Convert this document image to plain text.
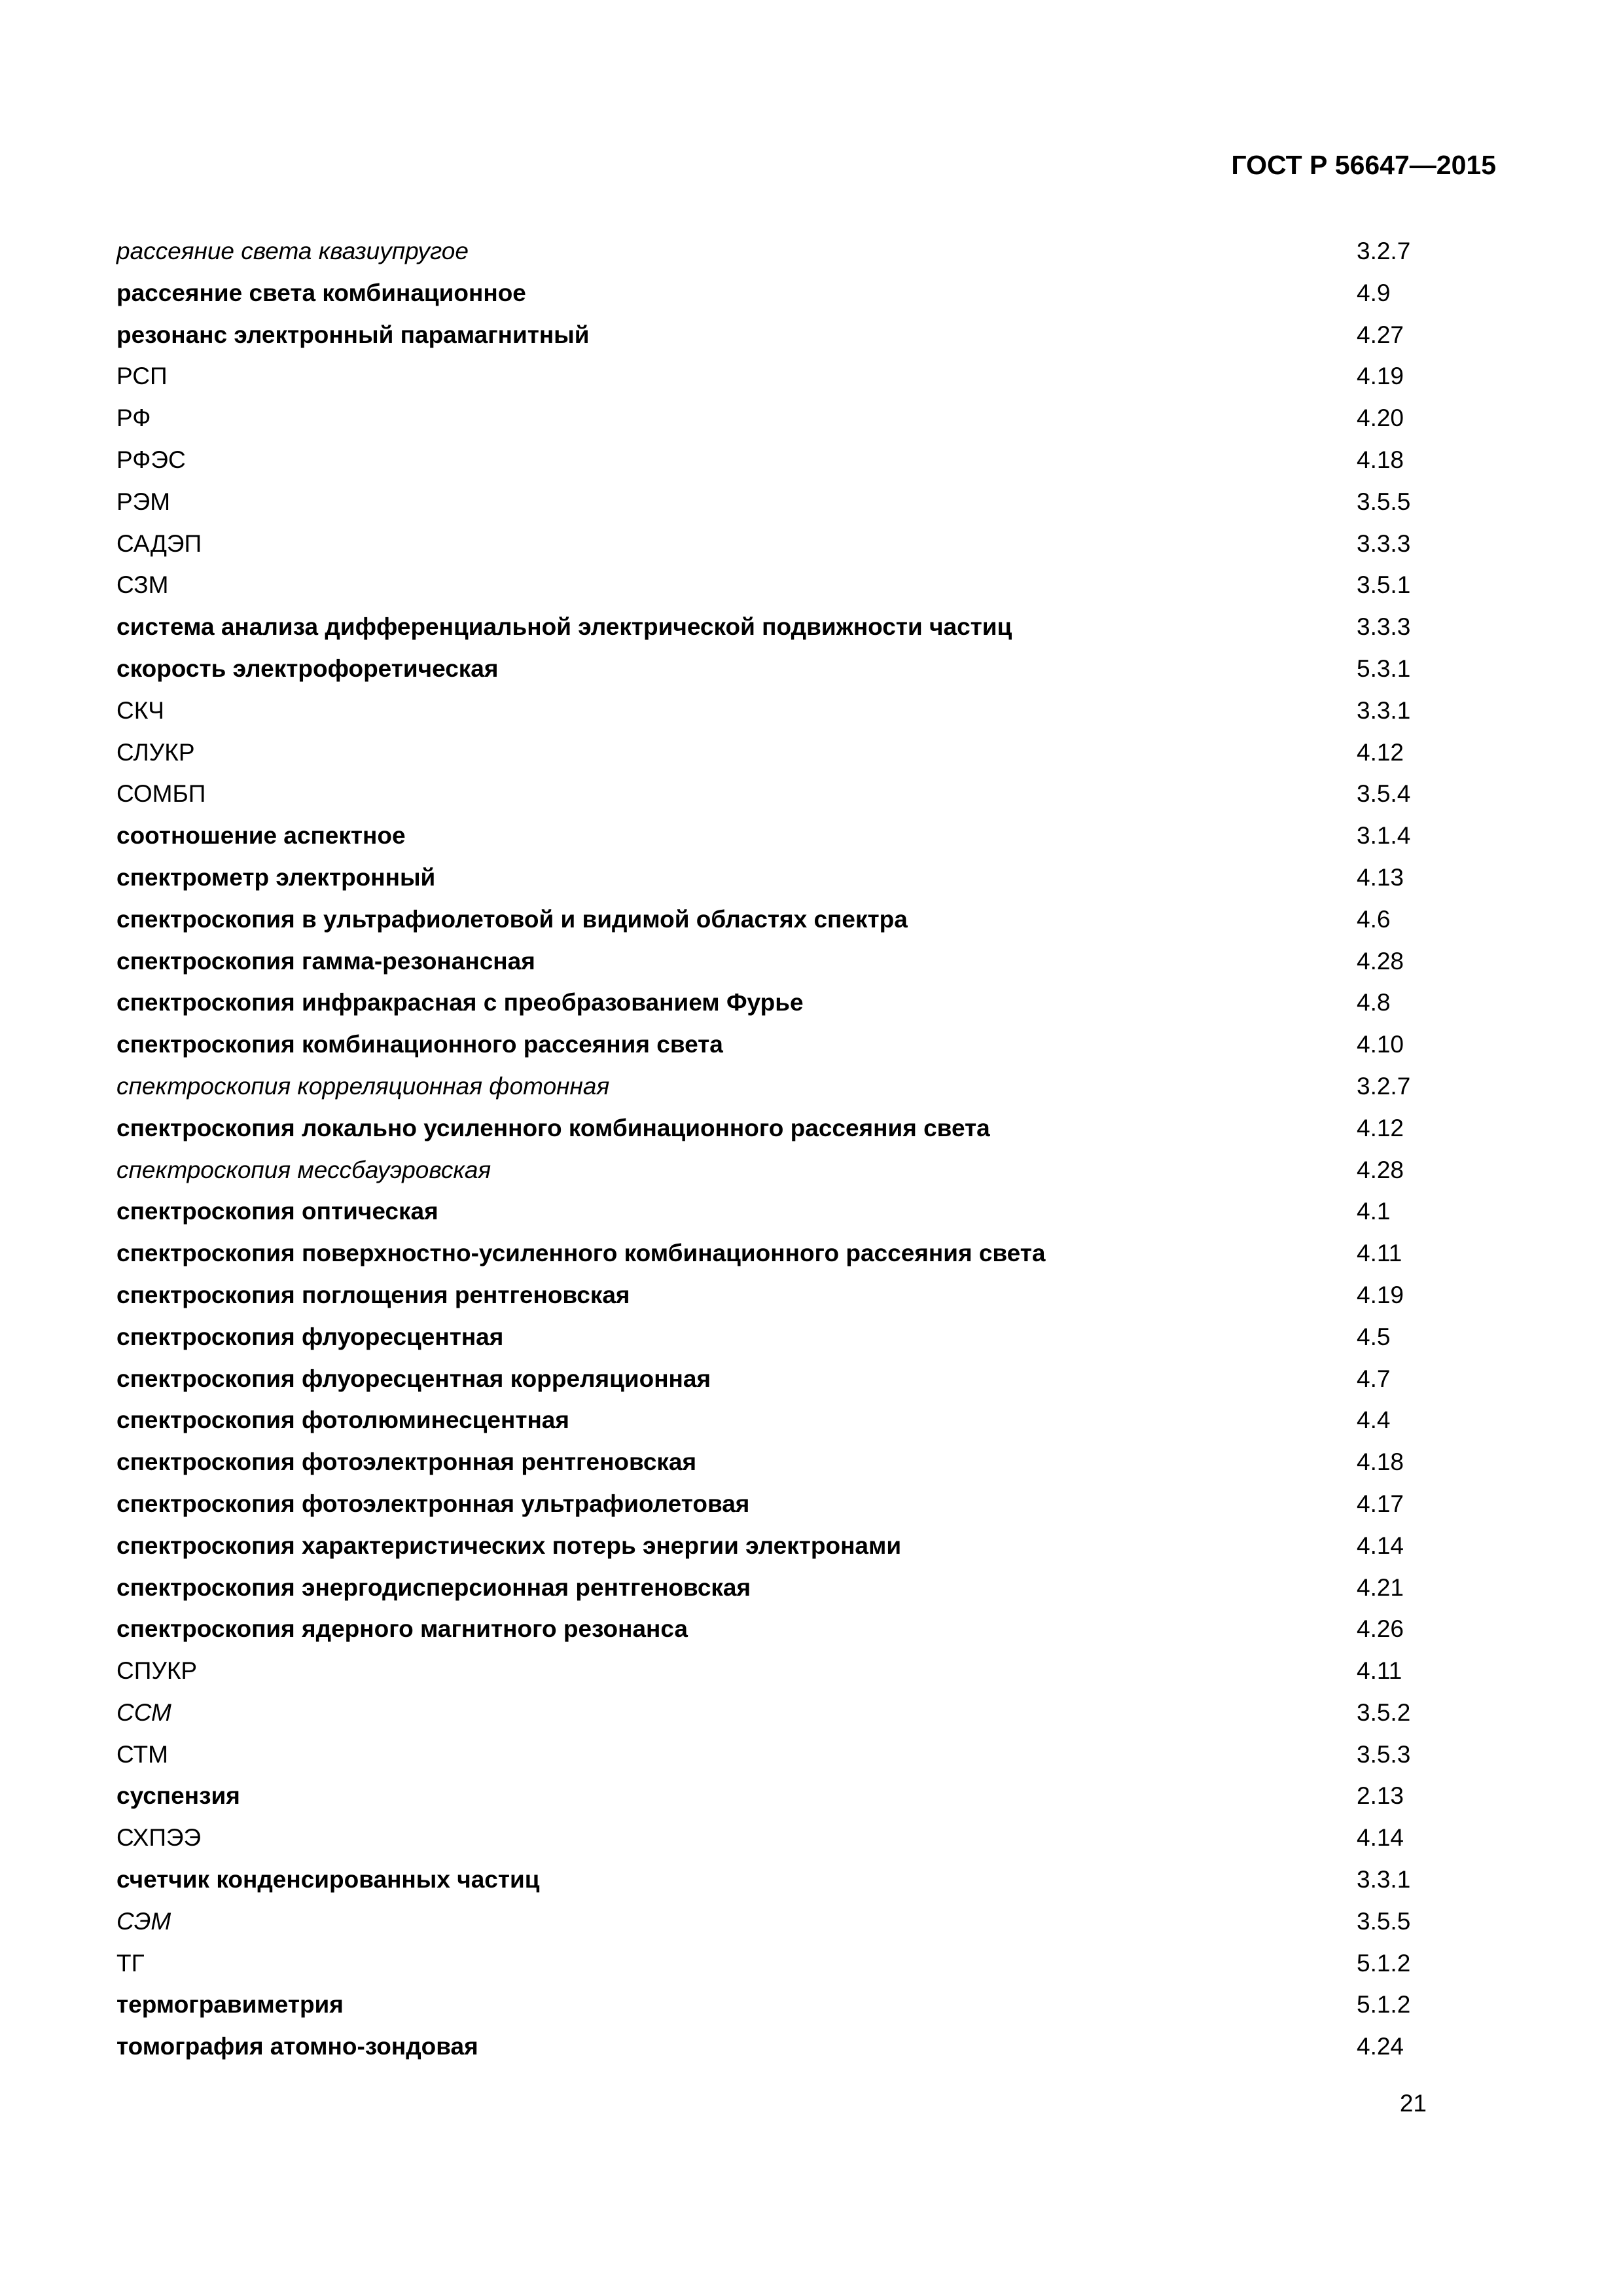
ГОСТ Р 56647—2015
рассеяние света квазиупругое	3.2.7
рассеяние света комбинационное	4.9
резонанс электронный парамагнитный	4.27
РСП	4.19
РФ	4.20
РФЭС	4.18
РЭМ	3.5.5
САДЭП	3.3.3
СЗМ	3.5.1
система анализа дифференциальной электрической подвижности частиц	3.3.3
скорость электрофоретическая	5.3.1
СКЧ	3.3.1
СЛУКР	4.12
СОМБП	3.5.4
соотношение аспектное	3.1.4
спектрометр электронный	4.13
спектроскопия в ультрафиолетовой и видимой областях спектра	4.6
спектроскопия гамма-резонансная	4.28
спектроскопия инфракрасная с преобразованием Фурье	4.8
спектроскопия комбинационного рассеяния света	4.10
спектроскопия корреляционная фотонная	3.2.7
спектроскопия локально усиленного комбинационного рассеяния света	4.12
спектроскопия мессбауэровская	4.28
спектроскопия оптическая	4.1
спектроскопия поверхностно-усиленного комбинационного рассеяния света	4.11
спектроскопия поглощения рентгеновская	4.19
спектроскопия флуоресцентная	4.5
спектроскопия флуоресцентная корреляционная	4.7
спектроскопия фотолюминесцентная	4.4
спектроскопия фотоэлектронная рентгеновская	4.18
спектроскопия фотоэлектронная ультрафиолетовая	4.17
спектроскопия характеристических потерь энергии электронами	4.14
спектроскопия энергодисперсионная рентгеновская	4.21
спектроскопия ядерного магнитного резонанса	4.26
СПУКР	4.11
ССМ	3.5.2
СТМ	3.5.3
суспензия	2.13
СХПЭЭ	4.14
счетчик конденсированных частиц	3.3.1
СЭМ	3.5.5
ТГ	5.1.2
термогравиметрия	5.1.2
томография атомно-зондовая	4.24
21
